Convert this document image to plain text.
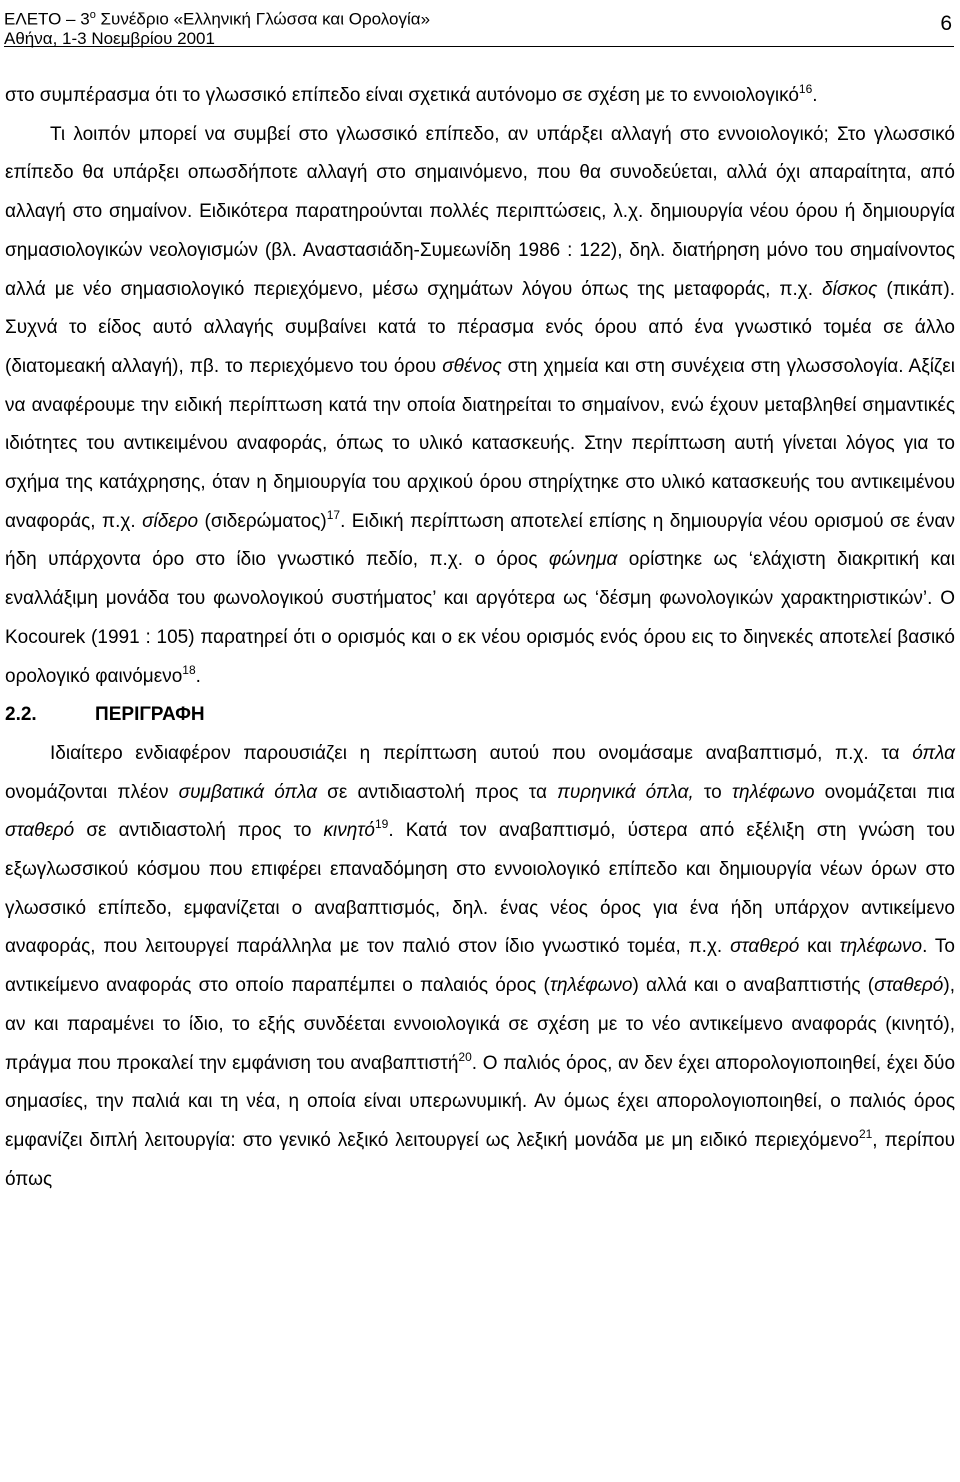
ΕΛΕΤΟ – $3^o$ Συνέδριο «Ελληνική Γλώσσα και Ορολογία»
Αθήνα, 1-3 Νοεμβρίου 2001
6

στο συμπέρασμα ότι το γλωσσικό επίπεδο είναι σχετικά αυτόνομο σε σχέση με το εννοιολογικό$^{16}$.

Τι λοιπόν μπορεί να συμβεί στο γλωσσικό επίπεδο, αν υπάρξει αλλαγή στο εννοιολογικό; Στο γλωσσικό επίπεδο θα υπάρξει οπωσδήποτε αλλαγή στο σημαινόμενο, που θα συνοδεύεται, αλλά όχι απαραίτητα, από αλλαγή στο σημαίνον. Ειδικότερα παρατηρούνται πολλές περιπτώσεις, λ.χ. δημιουργία νέου όρου ή δημιουργία σημασιολογικών νεολογισμών (βλ. Αναστασιάδη-Συμεωνίδη 1986 : 122), δηλ. διατήρηση μόνο του σημαίνοντος αλλά με νέο σημασιολογικό περιεχόμενο, μέσω σχημάτων λόγου όπως της μεταφοράς, π.χ. δίσκος (πικάπ). Συχνά το είδος αυτό αλλαγής συμβαίνει κατά το πέρασμα ενός όρου από ένα γνωστικό τομέα σε άλλο (διατομεακή αλλαγή), πβ. το περιεχόμενο του όρου σθένος στη χημεία και στη συνέχεια στη γλωσσολογία. Αξίζει να αναφέρουμε την ειδική περίπτωση κατά την οποία διατηρείται το σημαίνον, ενώ έχουν μεταβληθεί σημαντικές ιδιότητες του αντικειμένου αναφοράς, όπως το υλικό κατασκευής. Στην περίπτωση αυτή γίνεται λόγος για το σχήμα της κατάχρησης, όταν η δημιουργία του αρχικού όρου στηρίχτηκε στο υλικό κατασκευής του αντικειμένου αναφοράς, π.χ. σίδερο $(\sigma\iota\delta\varepsilon\rho ώ\mu\alpha\tau o\varsigma)^{17}$. Ειδική περίπτωση αποτελεί επίσης η δημιουργία νέου ορισμού σε έναν ήδη υπάρχοντα όρο στο ίδιο γνωστικό πεδίο, π.χ. ο όρος φώνημα ορίστηκε ως ‘ελάχιστη διακριτική και εναλλάξιμη μονάδα του φωνολογικού συστήματος’ και αργότερα ως ‘δέσμη φωνολογικών χαρακτηριστικών’. Ο Kocourek (1991 : 105) παρατηρεί ότι ο ορισμός και ο εκ νέου ορισμός ενός όρου εις το διηνεκές αποτελεί βασικό ορολογικό φαινόμενο$^{18}$.

2.2.	ΠΕΡΙΓΡΑΦΗ

Ιδιαίτερο ενδιαφέρον παρουσιάζει η περίπτωση αυτού που ονομάσαμε αναβαπτισμό, π.χ. τα όπλα ονομάζονται πλέον συμβατικά όπλα σε αντιδιαστολή προς τα πυρηνικά όπλα, το τηλέφωνο ονομάζεται πια σταθερό σε αντιδιαστολή προς το κινητό$^{19}$. Κατά τον αναβαπτισμό, ύστερα από εξέλιξη στη γνώση του εξωγλωσσικού κόσμου που επιφέρει επαναδόμηση στο εννοιολογικό επίπεδο και δημιουργία νέων όρων στο γλωσσικό επίπεδο, εμφανίζεται ο αναβαπτισμός, δηλ. ένας νέος όρος για ένα ήδη υπάρχον αντικείμενο αναφοράς, που λειτουργεί παράλληλα με τον παλιό στον ίδιο γνωστικό τομέα, π.χ. σταθερό και τηλέφωνο. Το αντικείμενο αναφοράς στο οποίο παραπέμπει ο παλαιός όρος (τηλέφωνο) αλλά και ο αναβαπτιστής (σταθερό), αν και παραμένει το ίδιο, το εξής συνδέεται εννοιολογικά σε σχέση με το νέο αντικείμενο αναφοράς (κινητό), πράγμα που προκαλεί την εμφάνιση του αναβαπτιστή$^{20}$. Ο παλιός όρος, αν δεν έχει απορολογιοποιηθεί, έχει δύο σημασίες, την παλιά και τη νέα, η οποία είναι υπερωνυμική. Αν όμως έχει απορολογιοποιηθεί, ο παλιός όρος εμφανίζει διπλή λειτουργία: στο γενικό λεξικό λειτουργεί ως λεξική μονάδα με μη ειδικό περιεχόμενο$^{21}$, περίπου όπως
